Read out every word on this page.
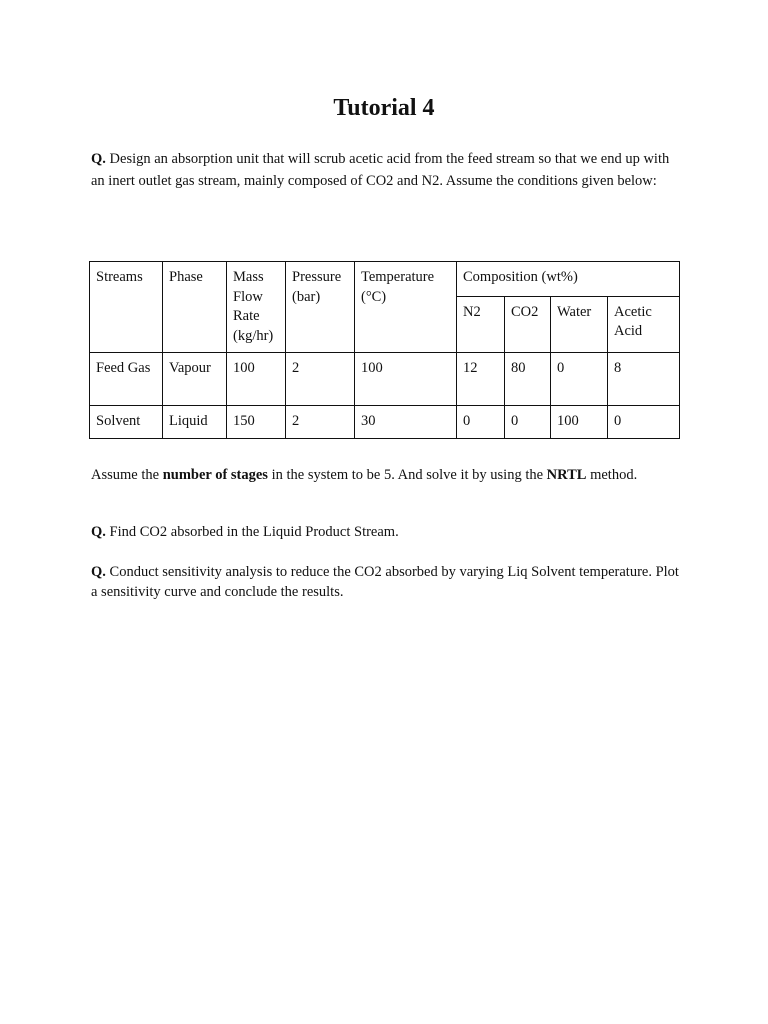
Tutorial 4
Q. Design an absorption unit that will scrub acetic acid from the feed stream so that we end up with an inert outlet gas stream, mainly composed of CO2 and N2. Assume the conditions given below:
Streams	Phase	Mass Flow Rate (kg/hr)	Pressure (bar)	Temperature (°C)	Composition (wt%)			
					N2	CO2	Water	Acetic Acid
Feed Gas	Vapour	100	2	100	12	80	0	8
Solvent	Liquid	150	2	30	0	0	100	0
Assume the number of stages in the system to be 5. And solve it by using the NRTL method.
Q. Find CO2 absorbed in the Liquid Product Stream.
Q. Conduct sensitivity analysis to reduce the CO2 absorbed by varying Liq Solvent temperature. Plot a sensitivity curve and conclude the results.
